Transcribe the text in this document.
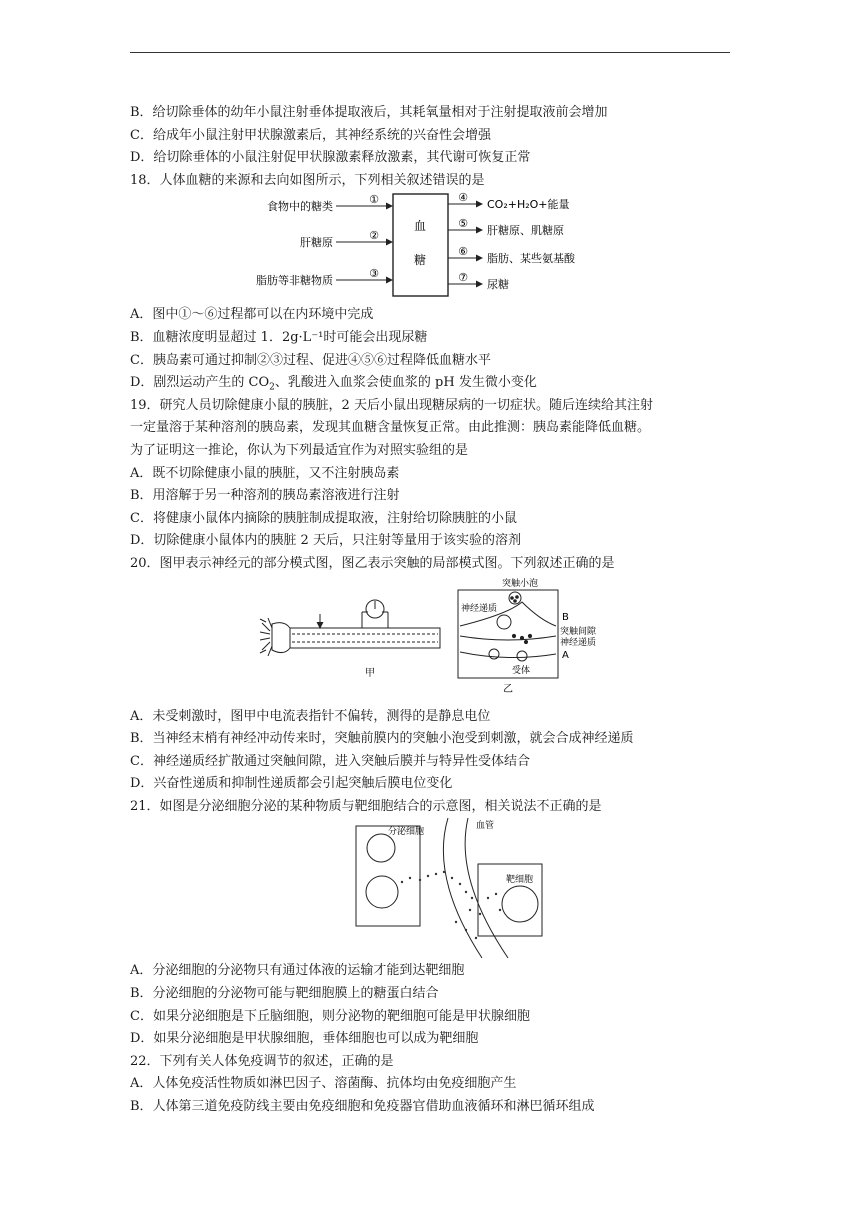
B．给切除垂体的幼年小鼠注射垂体提取液后，其耗氧量相对于注射提取液前会增加
C．给成年小鼠注射甲状腺激素后，其神经系统的兴奋性会增强
D．给切除垂体的小鼠注射促甲状腺激素释放激素，其代谢可恢复正常
18．人体血糖的来源和去向如图所示，下列相关叙述错误的是
血
糖
食物中的糖类
肝糖原
脂肪等非糖物质
①
②
③
④
⑤
⑥
⑦
CO₂+H₂O+能量
肝糖原、肌糖原
脂肪、某些氨基酸
尿糖
A．图中①～⑥过程都可以在内环境中完成
B．血糖浓度明显超过 1．2g·L⁻¹时可能会出现尿糖
C．胰岛素可通过抑制②③过程、促进④⑤⑥过程降低血糖水平
D．剧烈运动产生的 $CO_2$、乳酸进入血浆会使血浆的 pH 发生微小变化
19．研究人员切除健康小鼠的胰脏，2 天后小鼠出现糖尿病的一切症状。随后连续给其注射
一定量溶于某种溶剂的胰岛素，发现其血糖含量恢复正常。由此推测：胰岛素能降低血糖。
为了证明这一推论，你认为下列最适宜作为对照实验组的是
A．既不切除健康小鼠的胰脏，又不注射胰岛素
B．用溶解于另一种溶剂的胰岛素溶液进行注射
C．将健康小鼠体内摘除的胰脏制成提取液，注射给切除胰脏的小鼠
D．切除健康小鼠体内的胰脏 2 天后，只注射等量用于该实验的溶剂
20．图甲表示神经元的部分模式图，图乙表示突触的局部模式图。下列叙述正确的是
甲
突触小泡
神经递质
B
突触间隙
神经递质
A
受体
乙
A．未受刺激时，图甲中电流表指针不偏转，测得的是静息电位
B．当神经末梢有神经冲动传来时，突触前膜内的突触小泡受到刺激，就会合成神经递质
C．神经递质经扩散通过突触间隙，进入突触后膜并与特异性受体结合
D．兴奋性递质和抑制性递质都会引起突触后膜电位变化
21．如图是分泌细胞分泌的某种物质与靶细胞结合的示意图，相关说法不正确的是
分泌细胞
血管
靶细胞
A．分泌细胞的分泌物只有通过体液的运输才能到达靶细胞
B．分泌细胞的分泌物可能与靶细胞膜上的糖蛋白结合
C．如果分泌细胞是下丘脑细胞，则分泌物的靶细胞可能是甲状腺细胞
D．如果分泌细胞是甲状腺细胞，垂体细胞也可以成为靶细胞
22．下列有关人体免疫调节的叙述，正确的是
A．人体免疫活性物质如淋巴因子、溶菌酶、抗体均由免疫细胞产生
B．人体第三道免疫防线主要由免疫细胞和免疫器官借助血液循环和淋巴循环组成
